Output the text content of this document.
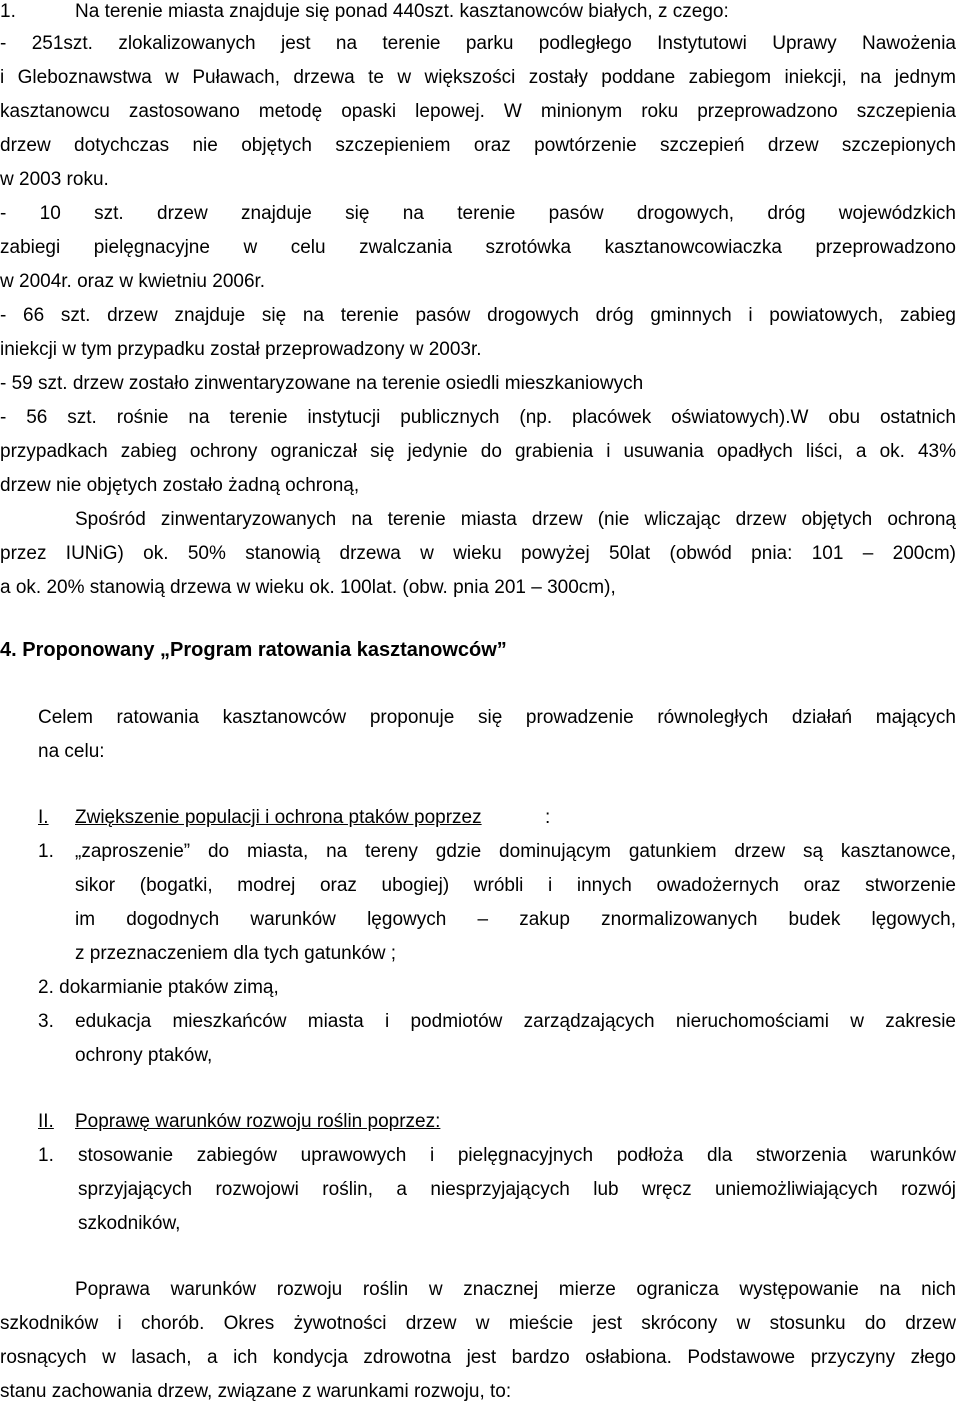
1.	Na terenie miasta znajduje się ponad 440szt. kasztanowców białych, z czego:
- 251szt. zlokalizowanych jest na terenie parku podległego Instytutowi Uprawy Nawożenia
i Gleboznawstwa w Puławach, drzewa te w większości zostały poddane zabiegom iniekcji, na jednym
kasztanowcu zastosowano metodę opaski lepowej. W minionym roku przeprowadzono szczepienia
drzew dotychczas nie objętych szczepieniem oraz powtórzenie szczepień drzew szczepionych
w 2003 roku.
- 10 szt. drzew znajduje się na terenie pasów drogowych, dróg wojewódzkich
zabiegi pielęgnacyjne w celu zwalczania szrotówka kasztanowcowiaczka przeprowadzono
w 2004r. oraz w kwietniu 2006r.
- 66 szt. drzew znajduje się na terenie pasów drogowych dróg gminnych i powiatowych, zabieg
iniekcji w tym przypadku został przeprowadzony w 2003r.
- 59 szt. drzew zostało zinwentaryzowane na terenie osiedli mieszkaniowych
- 56 szt. rośnie na terenie instytucji publicznych (np. placówek oświatowych).W obu ostatnich
przypadkach zabieg ochrony ograniczał się jedynie do grabienia i usuwania opadłych liści, a ok. 43%
drzew nie objętych zostało żadną ochroną,
Spośród zinwentaryzowanych na terenie miasta drzew (nie wliczając drzew objętych ochroną
przez IUNiG) ok. 50% stanowią drzewa w wieku powyżej 50lat (obwód pnia: 101 – 200cm)
a ok. 20% stanowią drzewa w wieku ok. 100lat. (obw. pnia 201 – 300cm),
4. Proponowany „Program ratowania kasztanowców”
Celem ratowania kasztanowców proponuje się prowadzenie równoległych działań mających
na celu:
I. Zwiększenie populacji i ochrona ptaków poprzez	:
1. „zaproszenie” do miasta, na tereny gdzie dominującym gatunkiem drzew są kasztanowce,
sikor (bogatki, modrej oraz ubogiej) wróbli i innych owadożernych oraz stworzenie
im dogodnych warunków lęgowych – zakup znormalizowanych budek lęgowych,
z przeznaczeniem dla tych gatunków ;
2. dokarmianie ptaków zimą,
3. edukacja mieszkańców miasta i podmiotów zarządzających nieruchomościami w zakresie
ochrony ptaków,
II. Poprawę warunków rozwoju roślin poprzez:
1. stosowanie zabiegów uprawowych i pielęgnacyjnych podłoża dla stworzenia warunków
sprzyjających rozwojowi roślin, a niesprzyjających lub wręcz uniemożliwiających rozwój
szkodników,
Poprawa warunków rozwoju roślin w znacznej mierze ogranicza występowanie na nich
szkodników i chorób. Okres żywotności drzew w mieście jest skrócony w stosunku do drzew
rosnących w lasach, a ich kondycja zdrowotna jest bardzo osłabiona. Podstawowe przyczyny złego
stanu zachowania drzew, związane z warunkami rozwoju, to:
